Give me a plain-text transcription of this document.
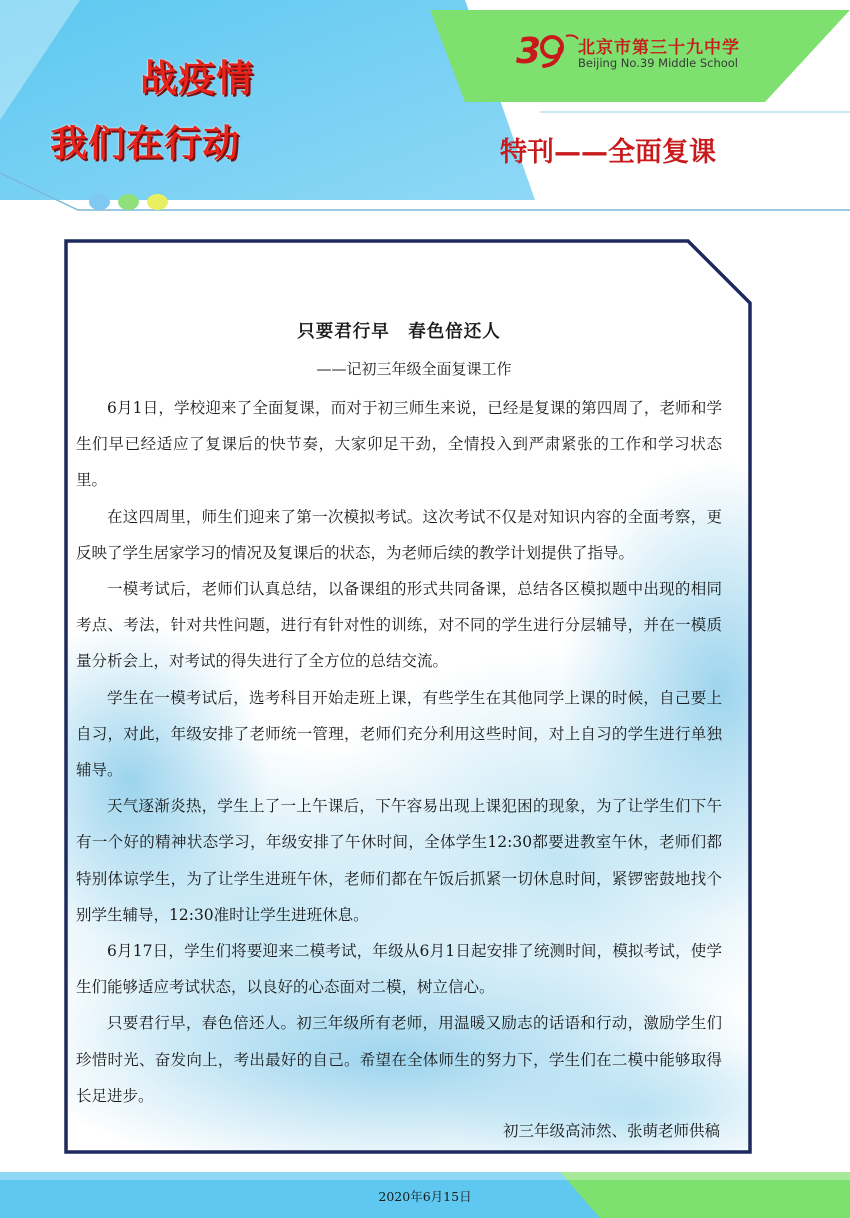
战疫情
我们在行动
3 北京市第三十九中学
Beijing No.39 Middle School
特刊——全面复课
只要君行早　春色倍还人
——记初三年级全面复课工作

6月1日，学校迎来了全面复课，而对于初三师生来说，已经是复课的第四周了，老师和学生们早已经适应了复课后的快节奏，大家卯足干劲，全情投入到严肃紧张的工作和学习状态里。

在这四周里，师生们迎来了第一次模拟考试。这次考试不仅是对知识内容的全面考察，更反映了学生居家学习的情况及复课后的状态，为老师后续的教学计划提供了指导。

一模考试后，老师们认真总结，以备课组的形式共同备课，总结各区模拟题中出现的相同考点、考法，针对共性问题，进行有针对性的训练，对不同的学生进行分层辅导，并在一模质量分析会上，对考试的得失进行了全方位的总结交流。

学生在一模考试后，选考科目开始走班上课，有些学生在其他同学上课的时候，自己要上自习，对此，年级安排了老师统一管理，老师们充分利用这些时间，对上自习的学生进行单独辅导。

天气逐渐炎热，学生上了一上午课后，下午容易出现上课犯困的现象，为了让学生们下午有一个好的精神状态学习，年级安排了午休时间，全体学生12:30都要进教室午休，老师们都特别体谅学生，为了让学生进班午休，老师们都在午饭后抓紧一切休息时间，紧锣密鼓地找个别学生辅导，12:30准时让学生进班休息。

6月17日，学生们将要迎来二模考试，年级从6月1日起安排了统测时间，模拟考试，使学生们能够适应考试状态，以良好的心态面对二模，树立信心。

只要君行早，春色倍还人。初三年级所有老师，用温暖又励志的话语和行动，激励学生们珍惜时光、奋发向上，考出最好的自己。希望在全体师生的努力下，学生们在二模中能够取得长足进步。

初三年级高沛然、张萌老师供稿
2020年6月15日
